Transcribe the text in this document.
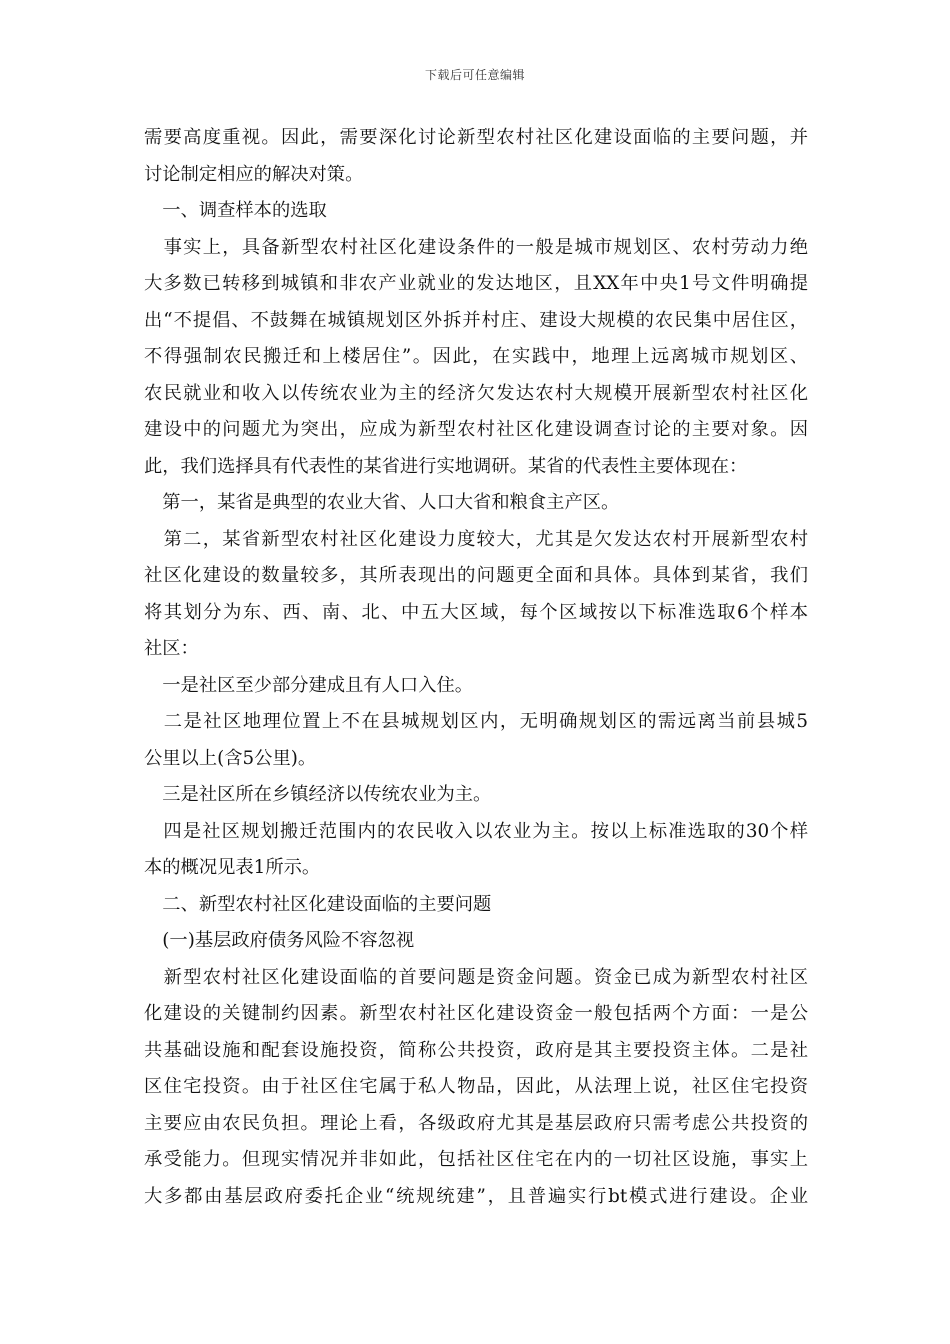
下载后可任意编辑
需要高度重视。因此，需要深化讨论新型农村社区化建设面临的主要问题，并
讨论制定相应的解决对策。
　一、调查样本的选取
　事实上，具备新型农村社区化建设条件的一般是城市规划区、农村劳动力绝
大多数已转移到城镇和非农产业就业的发达地区，且XX年中央1号文件明确提
出“不提倡、不鼓舞在城镇规划区外拆并村庄、建设大规模的农民集中居住区，
不得强制农民搬迁和上楼居住”。因此，在实践中，地理上远离城市规划区、
农民就业和收入以传统农业为主的经济欠发达农村大规模开展新型农村社区化
建设中的问题尤为突出，应成为新型农村社区化建设调查讨论的主要对象。因
此，我们选择具有代表性的某省进行实地调研。某省的代表性主要体现在：
　第一，某省是典型的农业大省、人口大省和粮食主产区。
　第二，某省新型农村社区化建设力度较大，尤其是欠发达农村开展新型农村
社区化建设的数量较多，其所表现出的问题更全面和具体。具体到某省，我们
将其划分为东、西、南、北、中五大区域，每个区域按以下标准选取6个样本
社区：
　一是社区至少部分建成且有人口入住。
　二是社区地理位置上不在县城规划区内，无明确规划区的需远离当前县城5
公里以上(含5公里)。
　三是社区所在乡镇经济以传统农业为主。
　四是社区规划搬迁范围内的农民收入以农业为主。按以上标准选取的30个样
本的概况见表1所示。
　二、新型农村社区化建设面临的主要问题
　(一)基层政府债务风险不容忽视
　新型农村社区化建设面临的首要问题是资金问题。资金已成为新型农村社区
化建设的关键制约因素。新型农村社区化建设资金一般包括两个方面：一是公
共基础设施和配套设施投资，简称公共投资，政府是其主要投资主体。二是社
区住宅投资。由于社区住宅属于私人物品，因此，从法理上说，社区住宅投资
主要应由农民负担。理论上看，各级政府尤其是基层政府只需考虑公共投资的
承受能力。但现实情况并非如此，包括社区住宅在内的一切社区设施，事实上
大多都由基层政府委托企业“统规统建”，且普遍实行bt模式进行建设。企业
